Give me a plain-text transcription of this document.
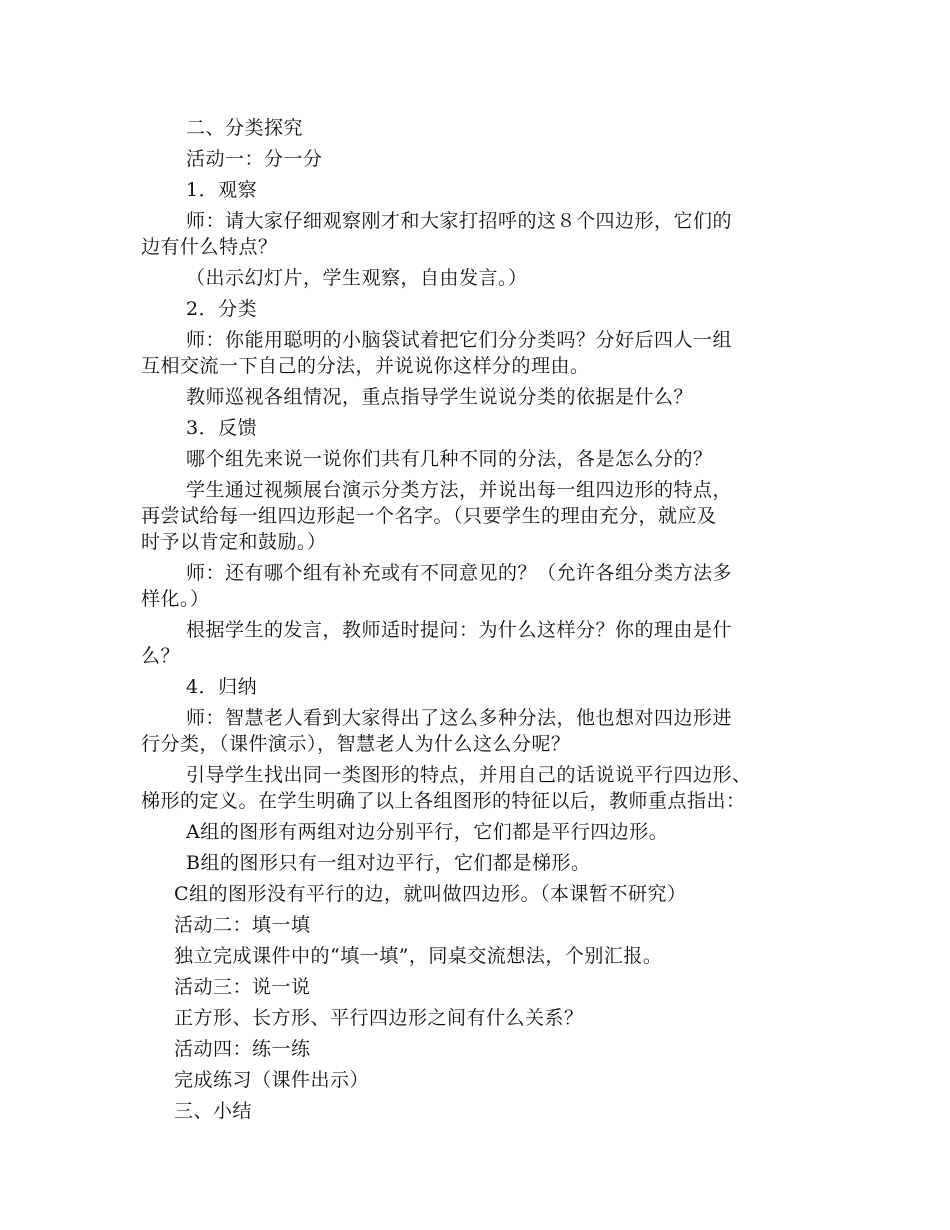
二、分类探究
活动一：分一分
1．观察
师：请大家仔细观察刚才和大家打招呼的这８个四边形，它们的
边有什么特点？
（出示幻灯片，学生观察，自由发言。）
2．分类
师：你能用聪明的小脑袋试着把它们分分类吗？分好后四人一组
互相交流一下自己的分法，并说说你这样分的理由。
教师巡视各组情况，重点指导学生说说分类的依据是什么？
3．反馈
哪个组先来说一说你们共有几种不同的分法，各是怎么分的？
学生通过视频展台演示分类方法，并说出每一组四边形的特点，
再尝试给每一组四边形起一个名字。（只要学生的理由充分，就应及
时予以肯定和鼓励。）
师：还有哪个组有补充或有不同意见的？（允许各组分类方法多
样化。）
根据学生的发言，教师适时提问：为什么这样分？你的理由是什
么？
4．归纳
师：智慧老人看到大家得出了这么多种分法，他也想对四边形进
行分类，（课件演示），智慧老人为什么这么分呢？
引导学生找出同一类图形的特点，并用自己的话说说平行四边形、
梯形的定义。在学生明确了以上各组图形的特征以后，教师重点指出：
A组的图形有两组对边分别平行，它们都是平行四边形。
B组的图形只有一组对边平行，它们都是梯形。
C组的图形没有平行的边，就叫做四边形。（本课暂不研究）
活动二：填一填
独立完成课件中的“填一填”，同桌交流想法，个别汇报。
活动三：说一说
正方形、长方形、平行四边形之间有什么关系？
活动四：练一练
完成练习（课件出示）
三、小结
